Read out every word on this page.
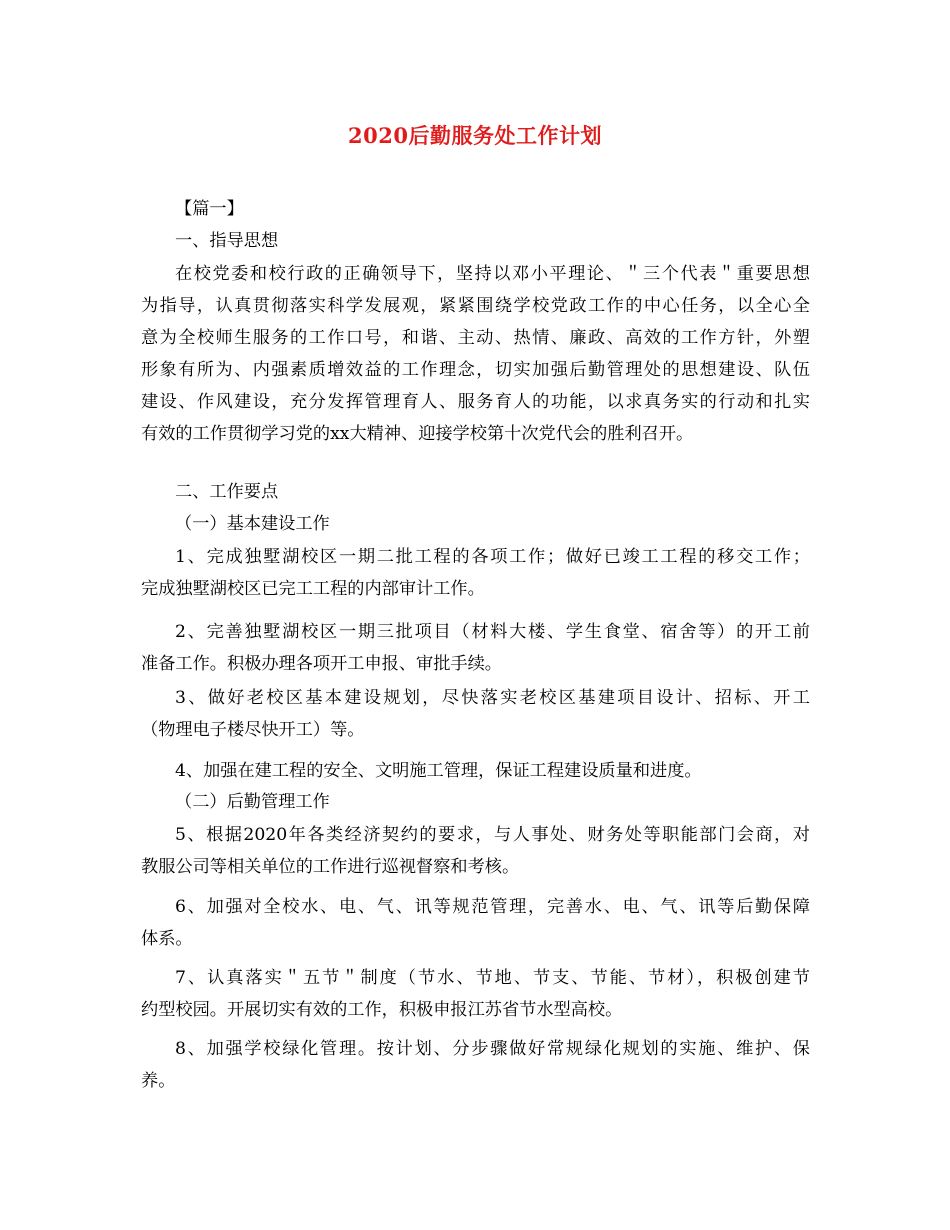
2020后勤服务处工作计划
【篇一】
一、指导思想
在校党委和校行政的正确领导下，坚持以邓小平理论、＂三个代表＂重要思想
为指导，认真贯彻落实科学发展观，紧紧围绕学校党政工作的中心任务，以全心全
意为全校师生服务的工作口号，和谐、主动、热情、廉政、高效的工作方针，外塑
形象有所为、内强素质增效益的工作理念，切实加强后勤管理处的思想建设、队伍
建设、作风建设，充分发挥管理育人、服务育人的功能，以求真务实的行动和扎实
有效的工作贯彻学习党的xx大精神、迎接学校第十次党代会的胜利召开。
二、工作要点
（一）基本建设工作
1、完成独墅湖校区一期二批工程的各项工作；做好已竣工工程的移交工作；
完成独墅湖校区已完工工程的内部审计工作。
2、完善独墅湖校区一期三批项目（材料大楼、学生食堂、宿舍等）的开工前
准备工作。积极办理各项开工申报、审批手续。
3、做好老校区基本建设规划，尽快落实老校区基建项目设计、招标、开工
（物理电子楼尽快开工）等。
4、加强在建工程的安全、文明施工管理，保证工程建设质量和进度。
（二）后勤管理工作
5、根据2020年各类经济契约的要求，与人事处、财务处等职能部门会商，对
教服公司等相关单位的工作进行巡视督察和考核。
6、加强对全校水、电、气、讯等规范管理，完善水、电、气、讯等后勤保障
体系。
7、认真落实＂五节＂制度（节水、节地、节支、节能、节材），积极创建节
约型校园。开展切实有效的工作，积极申报江苏省节水型高校。
8、加强学校绿化管理。按计划、分步骤做好常规绿化规划的实施、维护、保
养。
